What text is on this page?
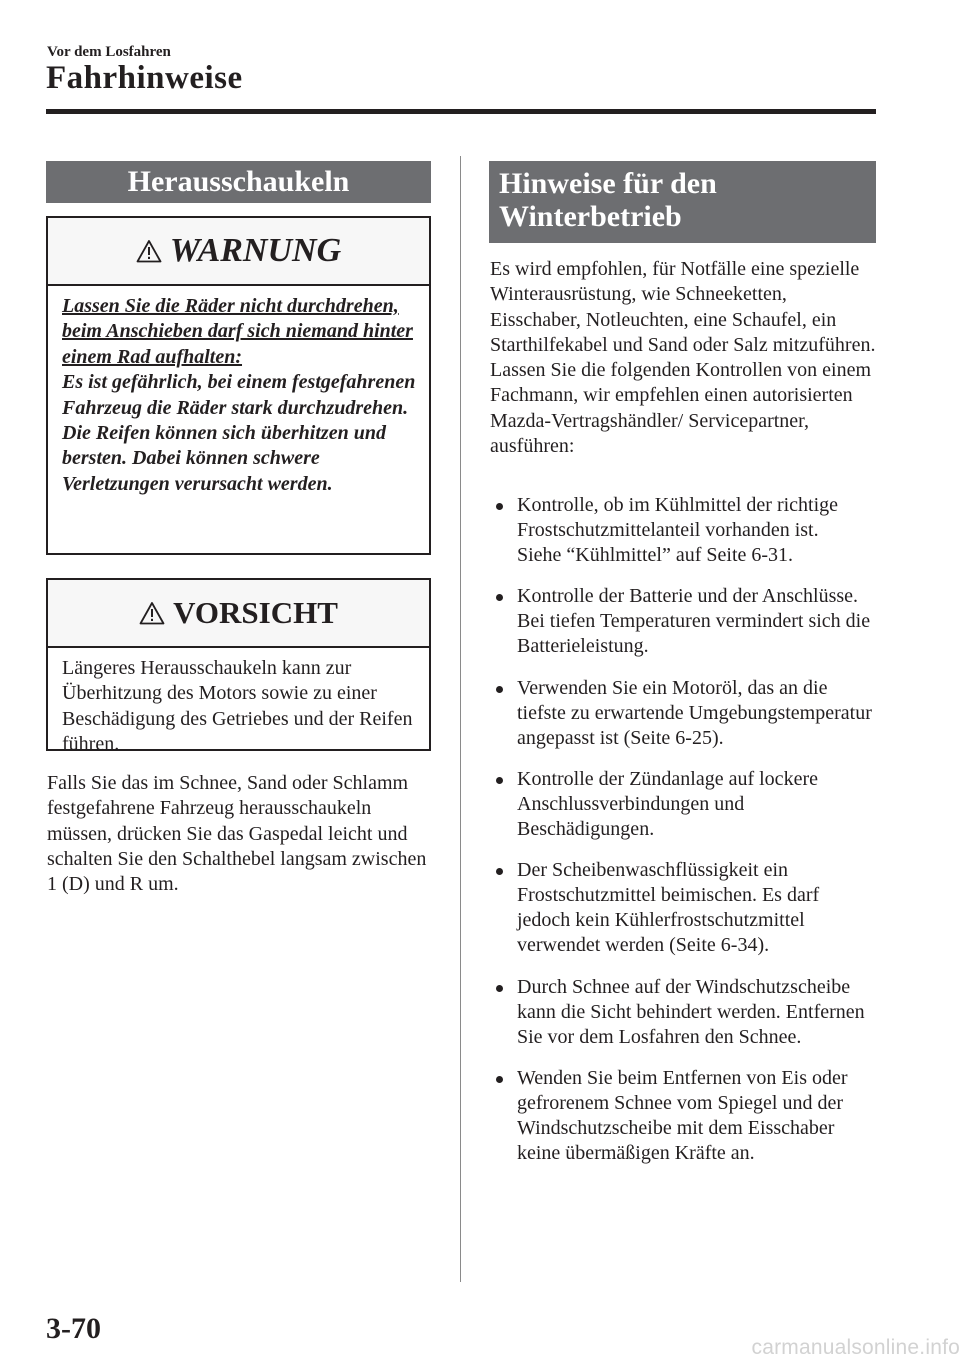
Vor dem Losfahren
Fahrhinweise
Herausschaukeln
WARNUNG
Lassen Sie die Räder nicht durchdrehen, beim Anschieben darf sich niemand hinter einem Rad aufhalten:
Es ist gefährlich, bei einem festgefahrenen Fahrzeug die Räder stark durchzudrehen. Die Reifen können sich überhitzen und bersten. Dabei können schwere Verletzungen verursacht werden.
VORSICHT
Längeres Herausschaukeln kann zur Überhitzung des Motors sowie zu einer Beschädigung des Getriebes und der Reifen führen.
Falls Sie das im Schnee, Sand oder Schlamm festgefahrene Fahrzeug herausschaukeln müssen, drücken Sie das Gaspedal leicht und schalten Sie den Schalthebel langsam zwischen 1 (D) und R um.
Hinweise für den
Winterbetrieb
Es wird empfohlen, für Notfälle eine spezielle Winterausrüstung, wie Schneeketten, Eisschaber, Notleuchten, eine Schaufel, ein Starthilfekabel und Sand oder Salz mitzuführen.
Lassen Sie die folgenden Kontrollen von einem Fachmann, wir empfehlen einen autorisierten Mazda-Vertragshändler/ Servicepartner, ausführen:
Kontrolle, ob im Kühlmittel der richtige Frostschutzmittelanteil vorhanden ist.
Siehe “Kühlmittel” auf Seite 6-31.
Kontrolle der Batterie und der Anschlüsse. Bei tiefen Temperaturen vermindert sich die Batterieleistung.
Verwenden Sie ein Motoröl, das an die tiefste zu erwartende Umgebungstemperatur angepasst ist (Seite 6-25).
Kontrolle der Zündanlage auf lockere Anschlussverbindungen und Beschädigungen.
Der Scheibenwaschflüssigkeit ein Frostschutzmittel beimischen. Es darf jedoch kein Kühlerfrostschutzmittel verwendet werden (Seite 6-34).
Durch Schnee auf der Windschutzscheibe kann die Sicht behindert werden. Entfernen Sie vor dem Losfahren den Schnee.
Wenden Sie beim Entfernen von Eis oder gefrorenem Schnee vom Spiegel und der Windschutzscheibe mit dem Eisschaber keine übermäßigen Kräfte an.
3-70
carmanualsonline.info
